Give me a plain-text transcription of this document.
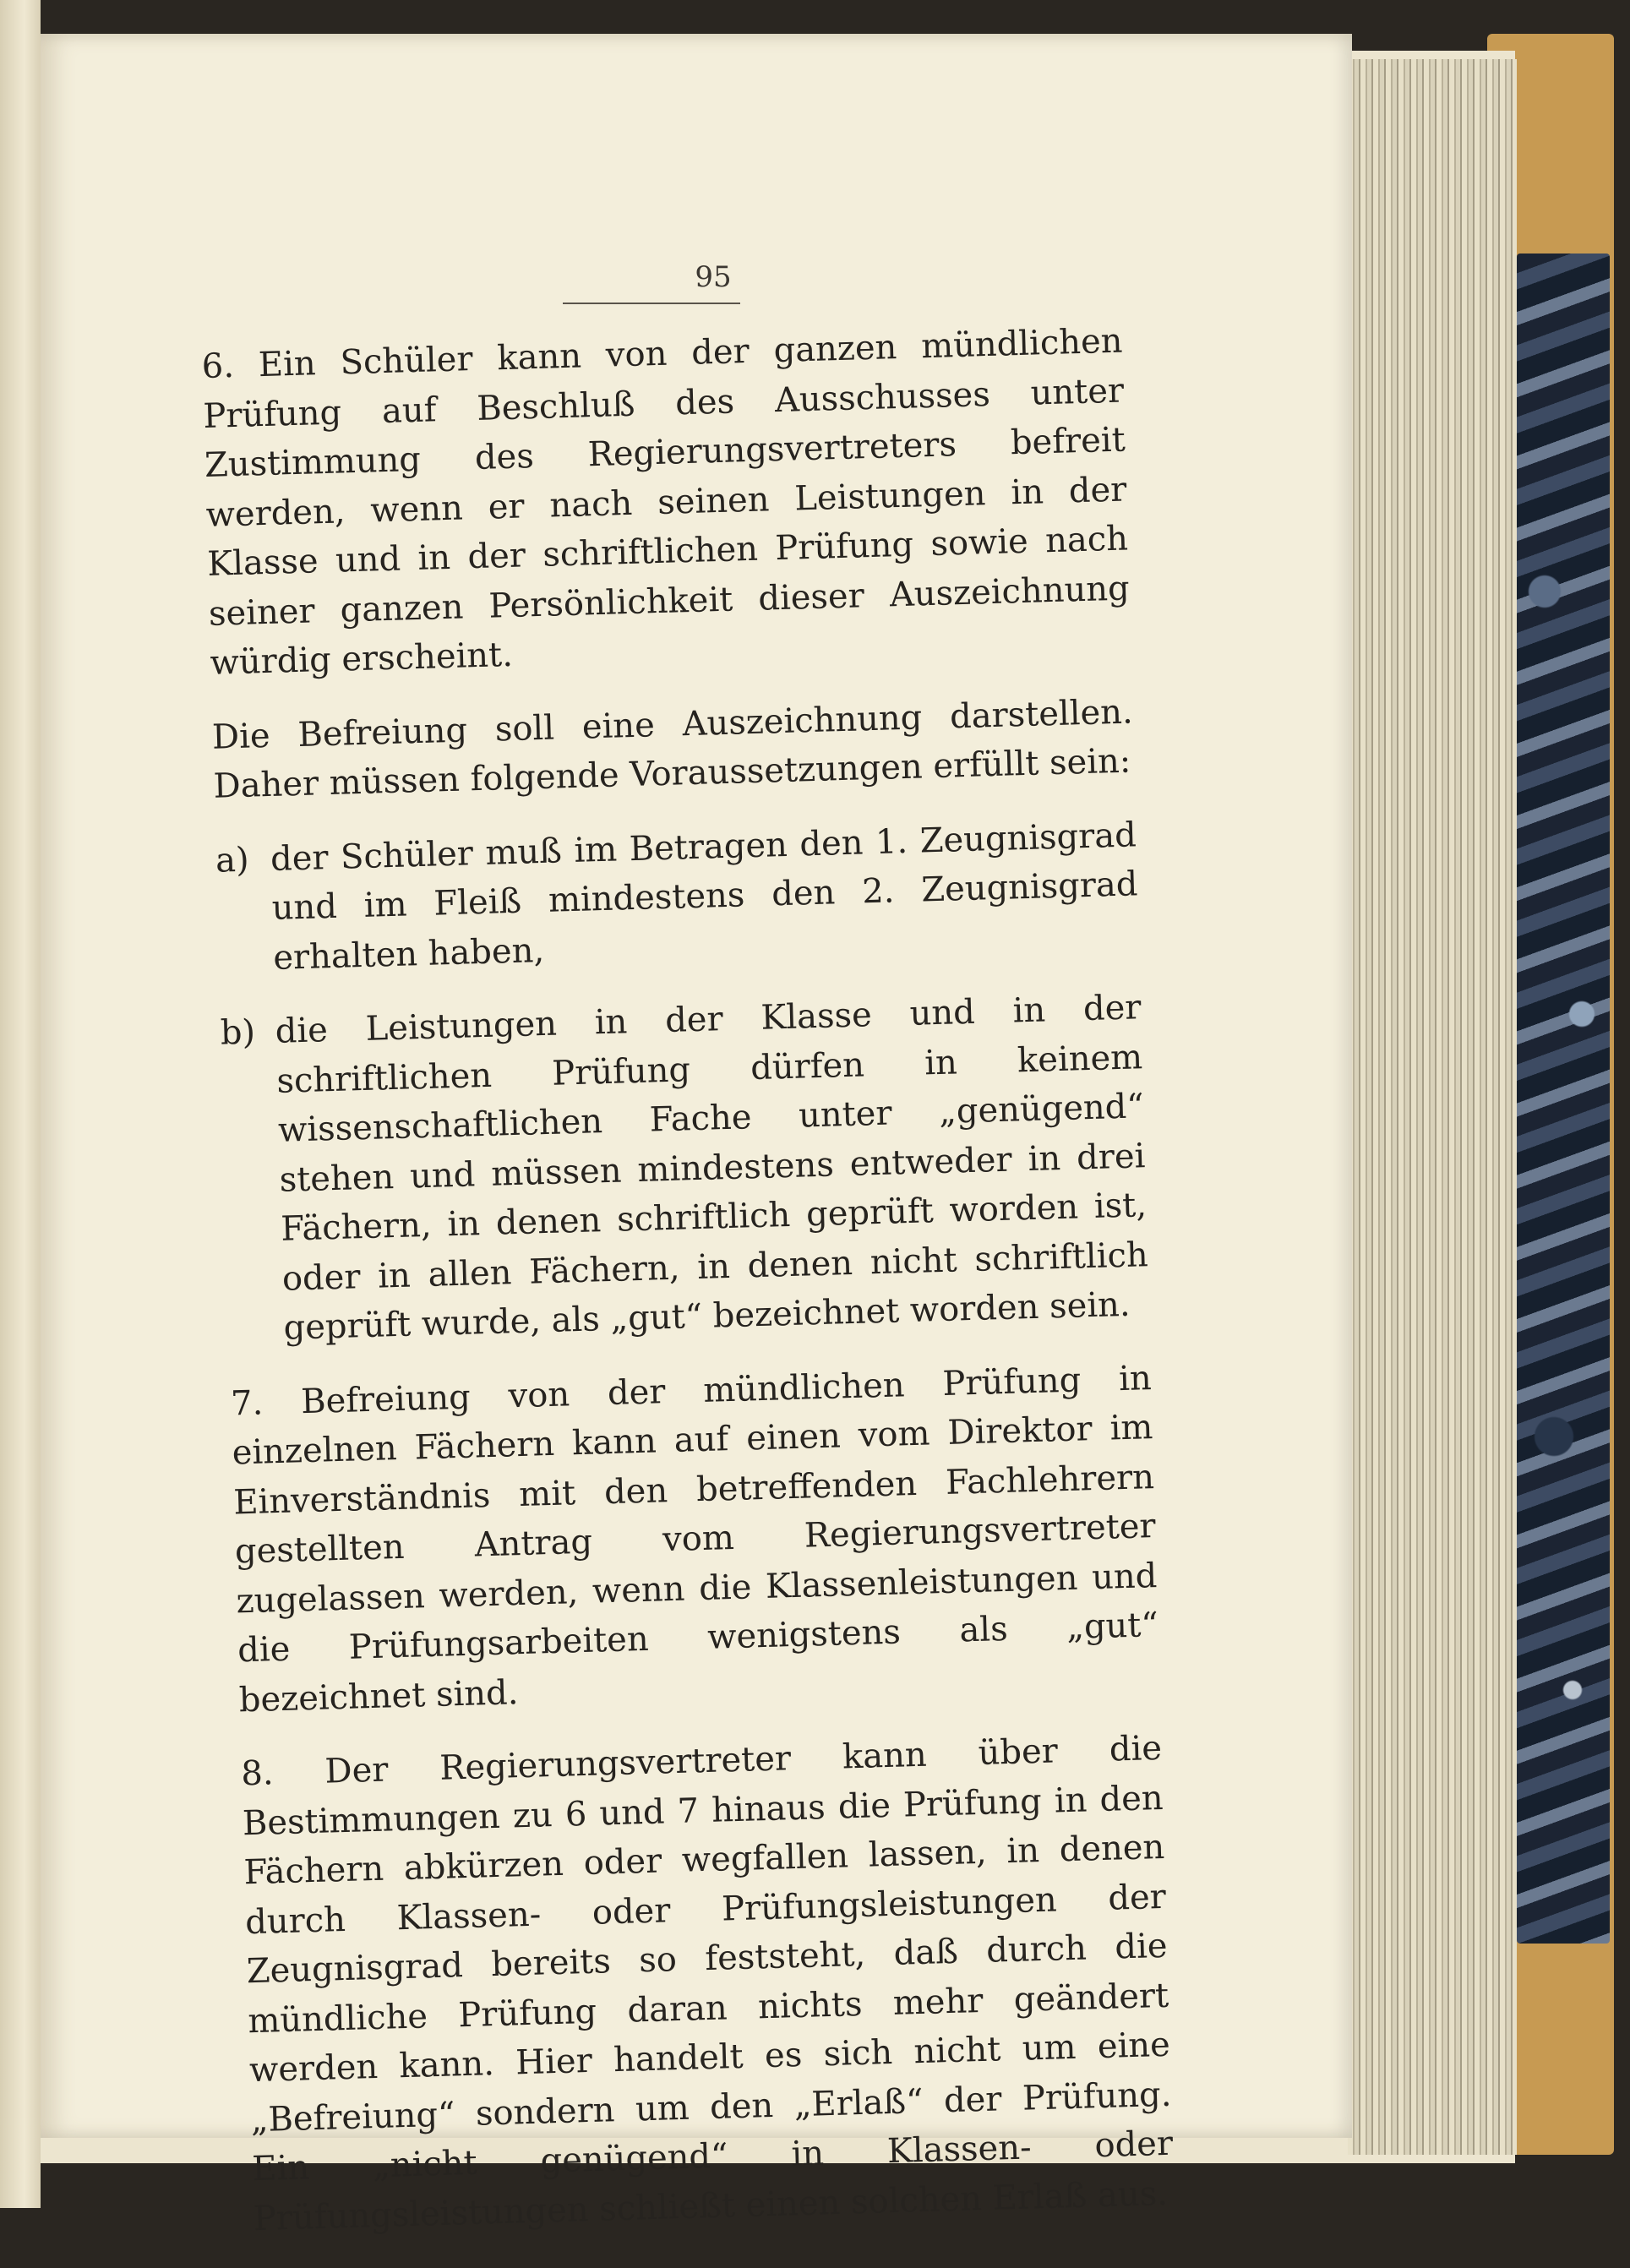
95

6. Ein Schüler kann von der ganzen mündlichen Prüfung auf Beschluß des Ausschusses unter Zustimmung des Regierungsvertreters befreit werden, wenn er nach seinen Leistungen in der Klasse und in der schriftlichen Prüfung sowie nach seiner ganzen Persönlichkeit dieser Auszeichnung würdig erscheint.

Die Befreiung soll eine Auszeichnung darstellen. Daher müssen folgende Voraussetzungen erfüllt sein:

a) der Schüler muß im Betragen den 1. Zeugnisgrad und im Fleiß mindestens den 2. Zeugnisgrad erhalten haben,
b) die Leistungen in der Klasse und in der schriftlichen Prüfung dürfen in keinem wissenschaftlichen Fache unter „genügend“ stehen und müssen mindestens entweder in drei Fächern, in denen schriftlich geprüft worden ist, oder in allen Fächern, in denen nicht schriftlich geprüft wurde, als „gut“ bezeichnet worden sein.

7. Befreiung von der mündlichen Prüfung in einzelnen Fächern kann auf einen vom Direktor im Einverständnis mit den betreffenden Fachlehrern gestellten Antrag vom Regierungsvertreter zugelassen werden, wenn die Klassenleistungen und die Prüfungsarbeiten wenigstens als „gut“ bezeichnet sind.

8. Der Regierungsvertreter kann über die Bestimmungen zu 6 und 7 hinaus die Prüfung in den Fächern abkürzen oder wegfallen lassen, in denen durch Klassen- oder Prüfungsleistungen der Zeugnisgrad bereits so feststeht, daß durch die mündliche Prüfung daran nichts mehr geändert werden kann. Hier handelt es sich nicht um eine „Befreiung“ sondern um den „Erlaß“ der Prüfung. Ein „nicht genügend“ in Klassen- oder Prüfungsleistungen schließt einen solchen Erlaß aus.
